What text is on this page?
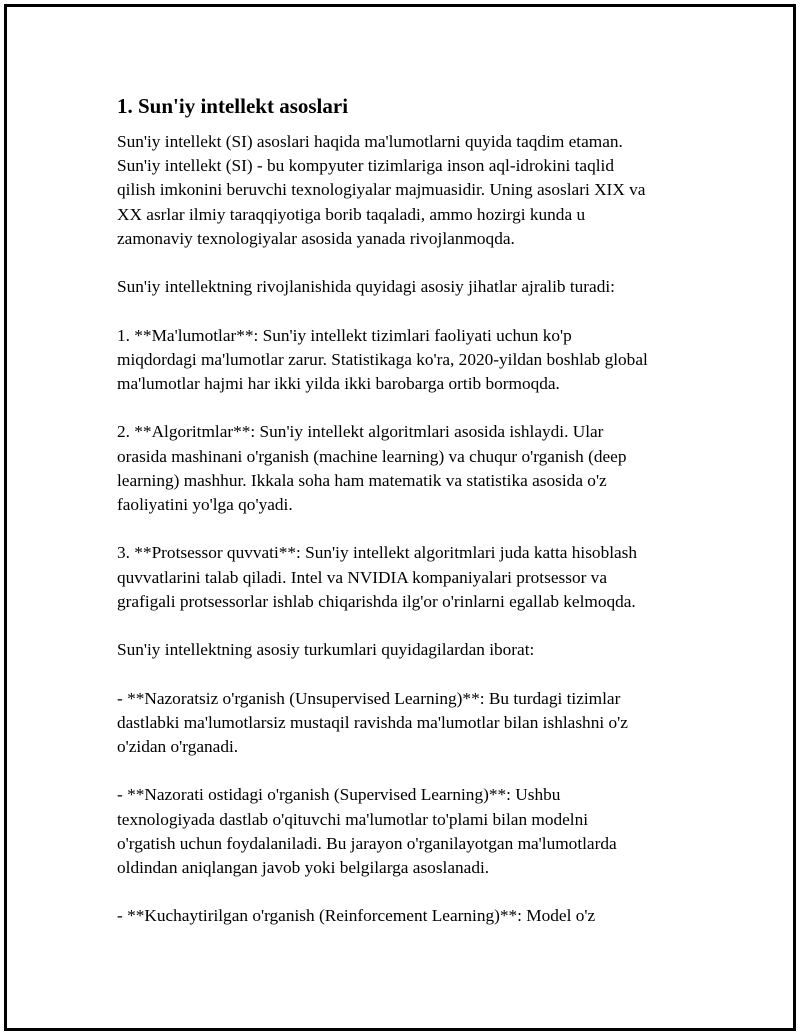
1. Sun'iy intellekt asoslari

Sun'iy intellekt (SI) asoslari haqida ma'lumotlarni quyida taqdim etaman.
Sun'iy intellekt (SI) - bu kompyuter tizimlariga inson aql-idrokini taqlid
qilish imkonini beruvchi texnologiyalar majmuasidir. Uning asoslari XIX va
XX asrlar ilmiy taraqqiyotiga borib taqaladi, ammo hozirgi kunda u
zamonaviy texnologiyalar asosida yanada rivojlanmoqda.

Sun'iy intellektning rivojlanishida quyidagi asosiy jihatlar ajralib turadi:

1. **Ma'lumotlar**: Sun'iy intellekt tizimlari faoliyati uchun ko'p
miqdordagi ma'lumotlar zarur. Statistikaga ko'ra, 2020-yildan boshlab global
ma'lumotlar hajmi har ikki yilda ikki barobarga ortib bormoqda.

2. **Algoritmlar**: Sun'iy intellekt algoritmlari asosida ishlaydi. Ular
orasida mashinani o'rganish (machine learning) va chuqur o'rganish (deep
learning) mashhur. Ikkala soha ham matematik va statistika asosida o'z
faoliyatini yo'lga qo'yadi.

3. **Protsessor quvvati**: Sun'iy intellekt algoritmlari juda katta hisoblash
quvvatlarini talab qiladi. Intel va NVIDIA kompaniyalari protsessor va
grafigali protsessorlar ishlab chiqarishda ilg'or o'rinlarni egallab kelmoqda.

Sun'iy intellektning asosiy turkumlari quyidagilardan iborat:

- **Nazoratsiz o'rganish (Unsupervised Learning)**: Bu turdagi tizimlar
dastlabki ma'lumotlarsiz mustaqil ravishda ma'lumotlar bilan ishlashni o'z
o'zidan o'rganadi.

- **Nazorati ostidagi o'rganish (Supervised Learning)**: Ushbu
texnologiyada dastlab o'qituvchi ma'lumotlar to'plami bilan modelni
o'rgatish uchun foydalaniladi. Bu jarayon o'rganilayotgan ma'lumotlarda
oldindan aniqlangan javob yoki belgilarga asoslanadi.

- **Kuchaytirilgan o'rganish (Reinforcement Learning)**: Model o'z
